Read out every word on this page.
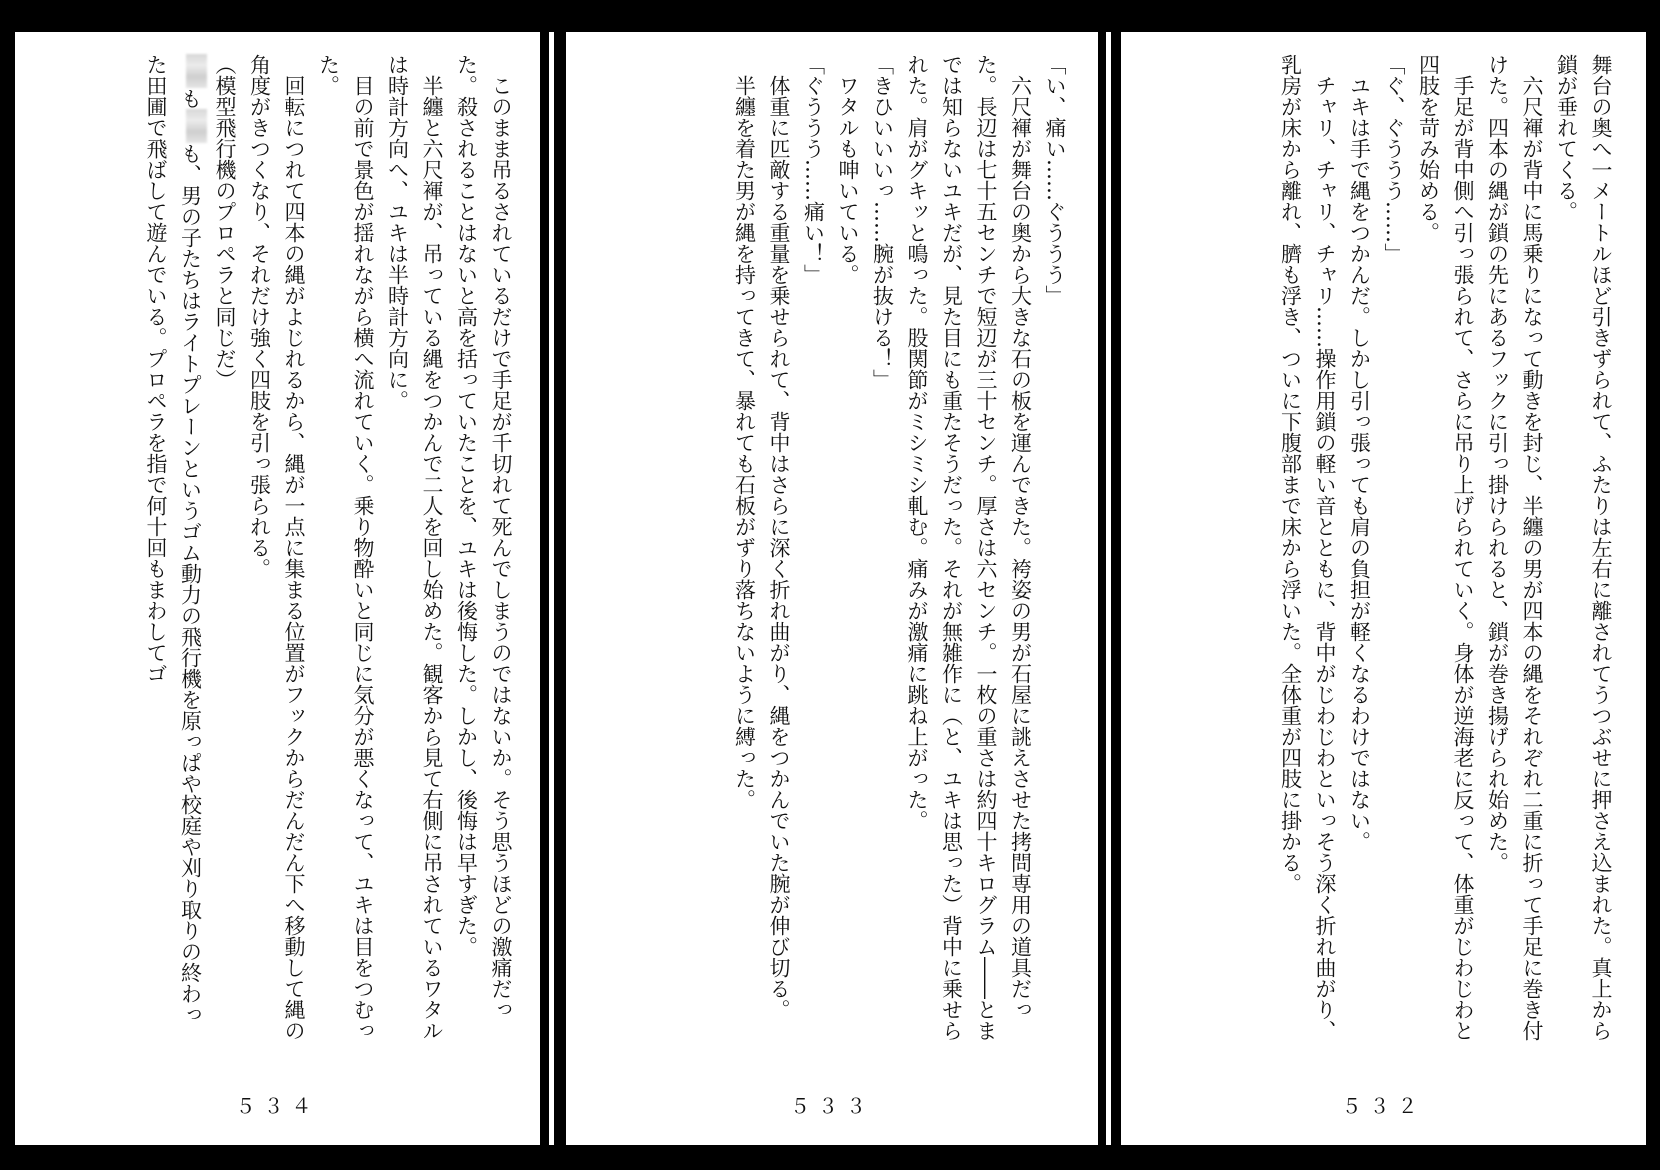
　このまま吊るされているだけで手足が千切れて死んでしまうのではないか。そう思うほどの激痛だった。殺されることはないと高を括っていたことを、ユキは後悔した。しかし、後悔は早すぎた。
　半纏と六尺褌が、吊っている縄をつかんで二人を回し始めた。観客から見て右側に吊されているワタルは時計方向へ、ユキは半時計方向に。
　目の前で景色が揺れながら横へ流れていく。乗り物酔いと同じに気分が悪くなって、ユキは目をつむった。
　回転につれて四本の縄がよじれるから、縄が一点に集まる位置がフックからだんだん下へ移動して縄の角度がきつくなり、それだけ強く四肢を引っ張られる。
（模型飛行機のプロペラと同じだ）
もも、男の子たちはライトプレーンというゴム動力の飛行機を原っぱや校庭や刈り取りの終わった田圃で飛ばして遊んでいる。プロペラを指で何十回もまわしてゴ
５３４
「い、痛い……ぐううう」
　六尺褌が舞台の奥から大きな石の板を運んできた。袴姿の男が石屋に誂えさせた拷問専用の道具だった。長辺は七十五センチで短辺が三十センチ。厚さは六センチ。一枚の重さは約四十キログラム――とまでは知らないユキだが、見た目にも重たそうだった。それが無雑作に（と、ユキは思った）背中に乗せられた。肩がグキッと鳴った。股関節がミシミシ軋む。痛みが激痛に跳ね上がった。
「きひいいいっ……腕が抜ける！」
　ワタルも呻いている。
「ぐううう……痛い！」
　体重に匹敵する重量を乗せられて、背中はさらに深く折れ曲がり、縄をつかんでいた腕が伸び切る。
　半纏を着た男が縄を持ってきて、暴れても石板がずり落ちないように縛った。
５３３
舞台の奥へ一メートルほど引きずられて、ふたりは左右に離されてうつぶせに押さえ込まれた。真上から鎖が垂れてくる。
　六尺褌が背中に馬乗りになって動きを封じ、半纏の男が四本の縄をそれぞれ二重に折って手足に巻き付けた。四本の縄が鎖の先にあるフックに引っ掛けられると、鎖が巻き揚げられ始めた。
　手足が背中側へ引っ張られて、さらに吊り上げられていく。身体が逆海老に反って、体重がじわじわと四肢を苛み始める。
「ぐ、ぐううう……」
　ユキは手で縄をつかんだ。しかし引っ張っても肩の負担が軽くなるわけではない。
　チャリ、チャリ、チャリ……操作用鎖の軽い音とともに、背中がじわじわといっそう深く折れ曲がり、乳房が床から離れ、臍も浮き、ついに下腹部まで床から浮いた。全体重が四肢に掛かる。
５３２
